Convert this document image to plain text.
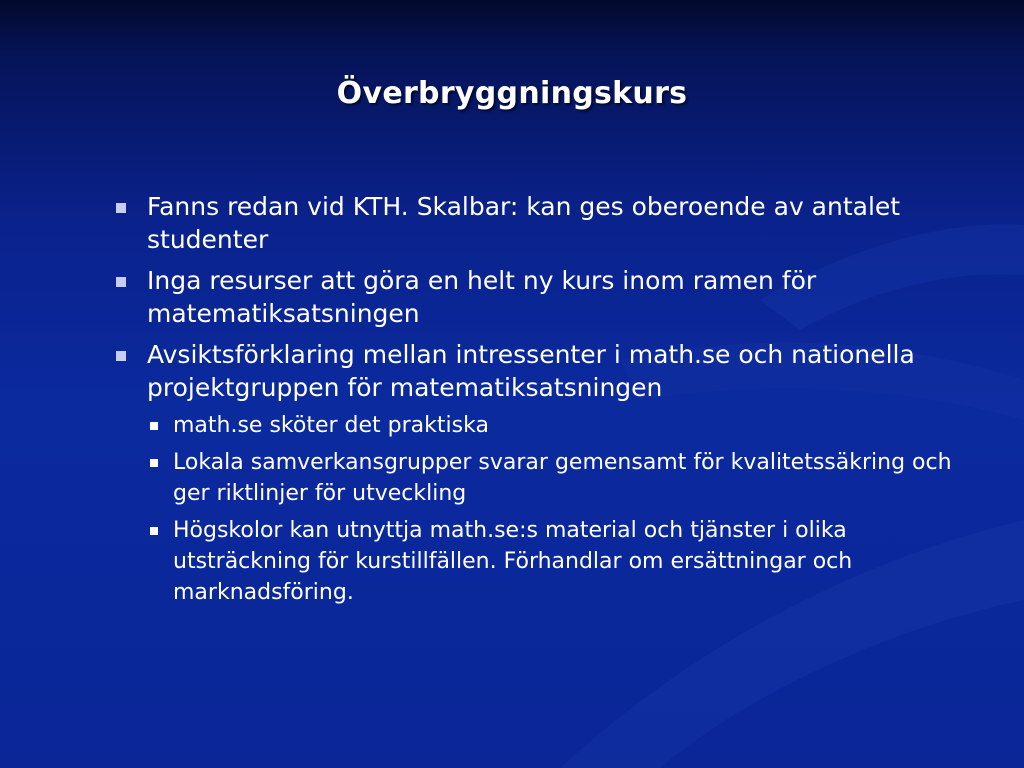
Överbryggningskurs
Fanns redan vid KTH. Skalbar: kan ges oberoende av antalet studenter
Inga resurser att göra en helt ny kurs inom ramen för matematiksatsningen
Avsiktsförklaring mellan intressenter i math.se och nationella projektgruppen för matematiksatsningen
math.se sköter det praktiska
Lokala samverkansgrupper svarar gemensamt för kvalitetssäkring och ger riktlinjer för utveckling
Högskolor kan utnyttja math.se:s material och tjänster i olika utsträckning för kurstillfällen. Förhandlar om ersättningar och marknadsföring.
